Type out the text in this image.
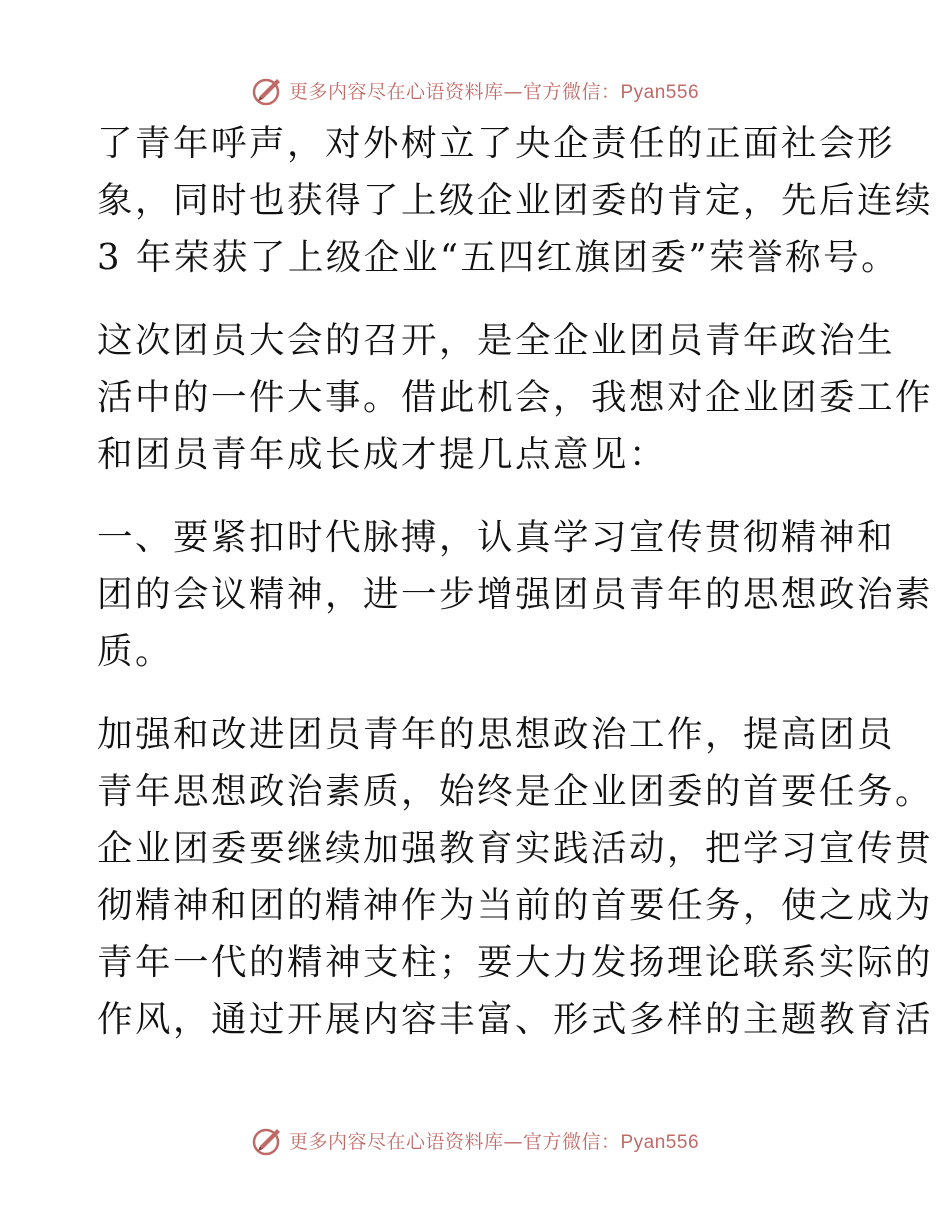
更多内容尽在心语资料库—官方微信：Pyan556

了青年呼声，对外树立了央企责任的正面社会形
象，同时也获得了上级企业团委的肯定，先后连续
3 年荣获了上级企业“五四红旗团委”荣誉称号。

这次团员大会的召开，是全企业团员青年政治生
活中的一件大事。借此机会，我想对企业团委工作
和团员青年成长成才提几点意见：

一、要紧扣时代脉搏，认真学习宣传贯彻精神和
团的会议精神，进一步增强团员青年的思想政治素
质。

加强和改进团员青年的思想政治工作，提高团员
青年思想政治素质，始终是企业团委的首要任务。
企业团委要继续加强教育实践活动，把学习宣传贯
彻精神和团的精神作为当前的首要任务，使之成为
青年一代的精神支柱；要大力发扬理论联系实际的
作风，通过开展内容丰富、形式多样的主题教育活

更多内容尽在心语资料库—官方微信：Pyan556
